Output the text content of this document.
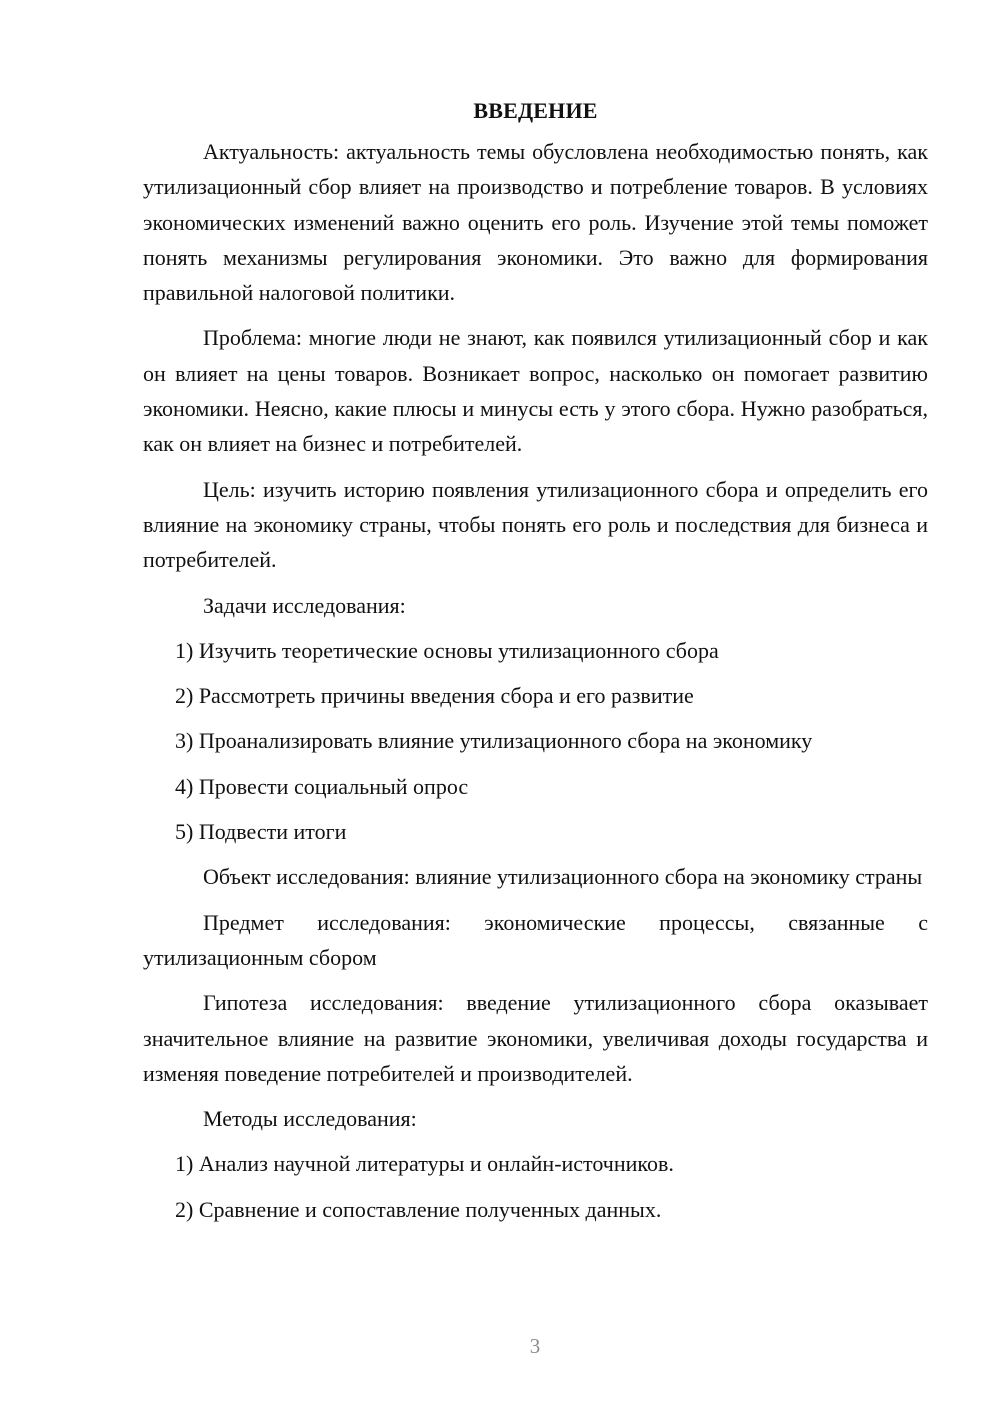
ВВЕДЕНИЕ

Актуальность: актуальность темы обусловлена необходимостью понять, как утилизационный сбор влияет на производство и потребление товаров. В условиях экономических изменений важно оценить его роль. Изучение этой темы поможет понять механизмы регулирования экономики. Это важно для формирования правильной налоговой политики.

Проблема: многие люди не знают, как появился утилизационный сбор и как он влияет на цены товаров. Возникает вопрос, насколько он помогает развитию экономики. Неясно, какие плюсы и минусы есть у этого сбора. Нужно разобраться, как он влияет на бизнес и потребителей.

Цель: изучить историю появления утилизационного сбора и определить его влияние на экономику страны, чтобы понять его роль и последствия для бизнеса и потребителей.

Задачи исследования:

1) Изучить теоретические основы утилизационного сбора

2) Рассмотреть причины введения сбора и его развитие

3) Проанализировать влияние утилизационного сбора на экономику

4) Провести социальный опрос

5) Подвести итоги

Объект исследования: влияние утилизационного сбора на экономику страны

Предмет исследования: экономические процессы, связанные с утилизационным сбором

Гипотеза исследования: введение утилизационного сбора оказывает значительное влияние на развитие экономики, увеличивая доходы государства и изменяя поведение потребителей и производителей.

Методы исследования:

1) Анализ научной литературы и онлайн-источников.

2) Сравнение и сопоставление полученных данных.

3
